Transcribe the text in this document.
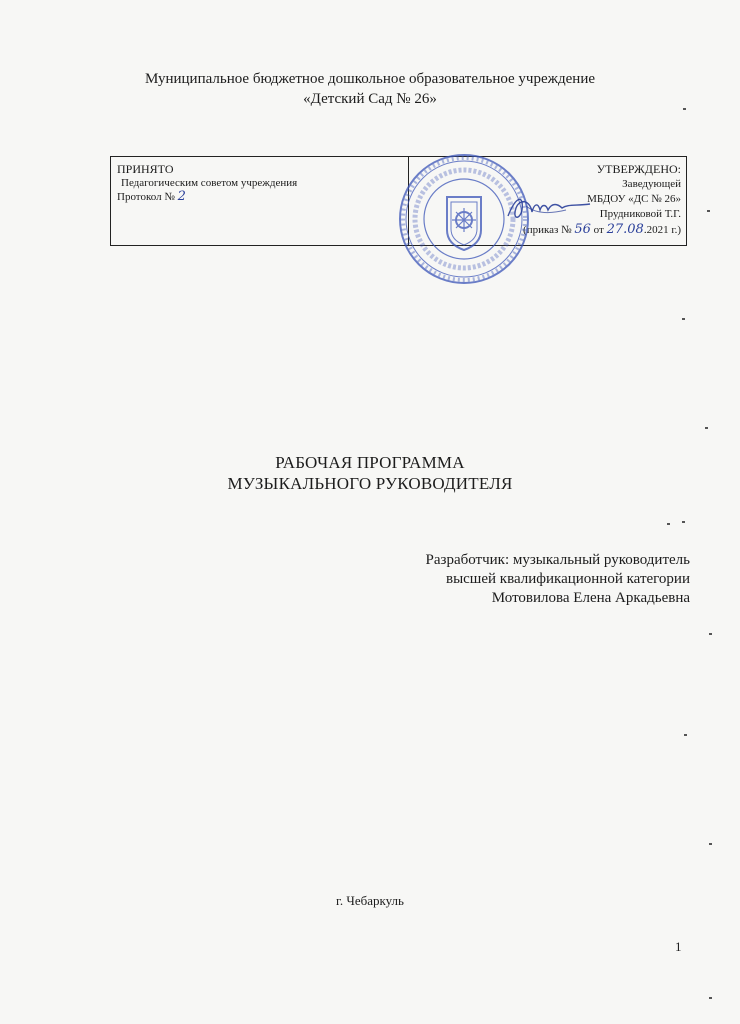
Муниципальное бюджетное дошкольное образовательное учреждение
«Детский Сад № 26»
ПРИНЯТО
Педагогическим советом учреждения
Протокол № 2
УТВЕРЖДЕНО:
Заведующей
МБДОУ «ДС № 26»
Прудниковой Т.Г.
(приказ № 56 от 27.08.2021 г.)
РАБОЧАЯ ПРОГРАММА
МУЗЫКАЛЬНОГО РУКОВОДИТЕЛЯ
Разработчик: музыкальный руководитель
высшей квалификационной категории
Мотовилова Елена Аркадьевна
г. Чебаркуль
1
